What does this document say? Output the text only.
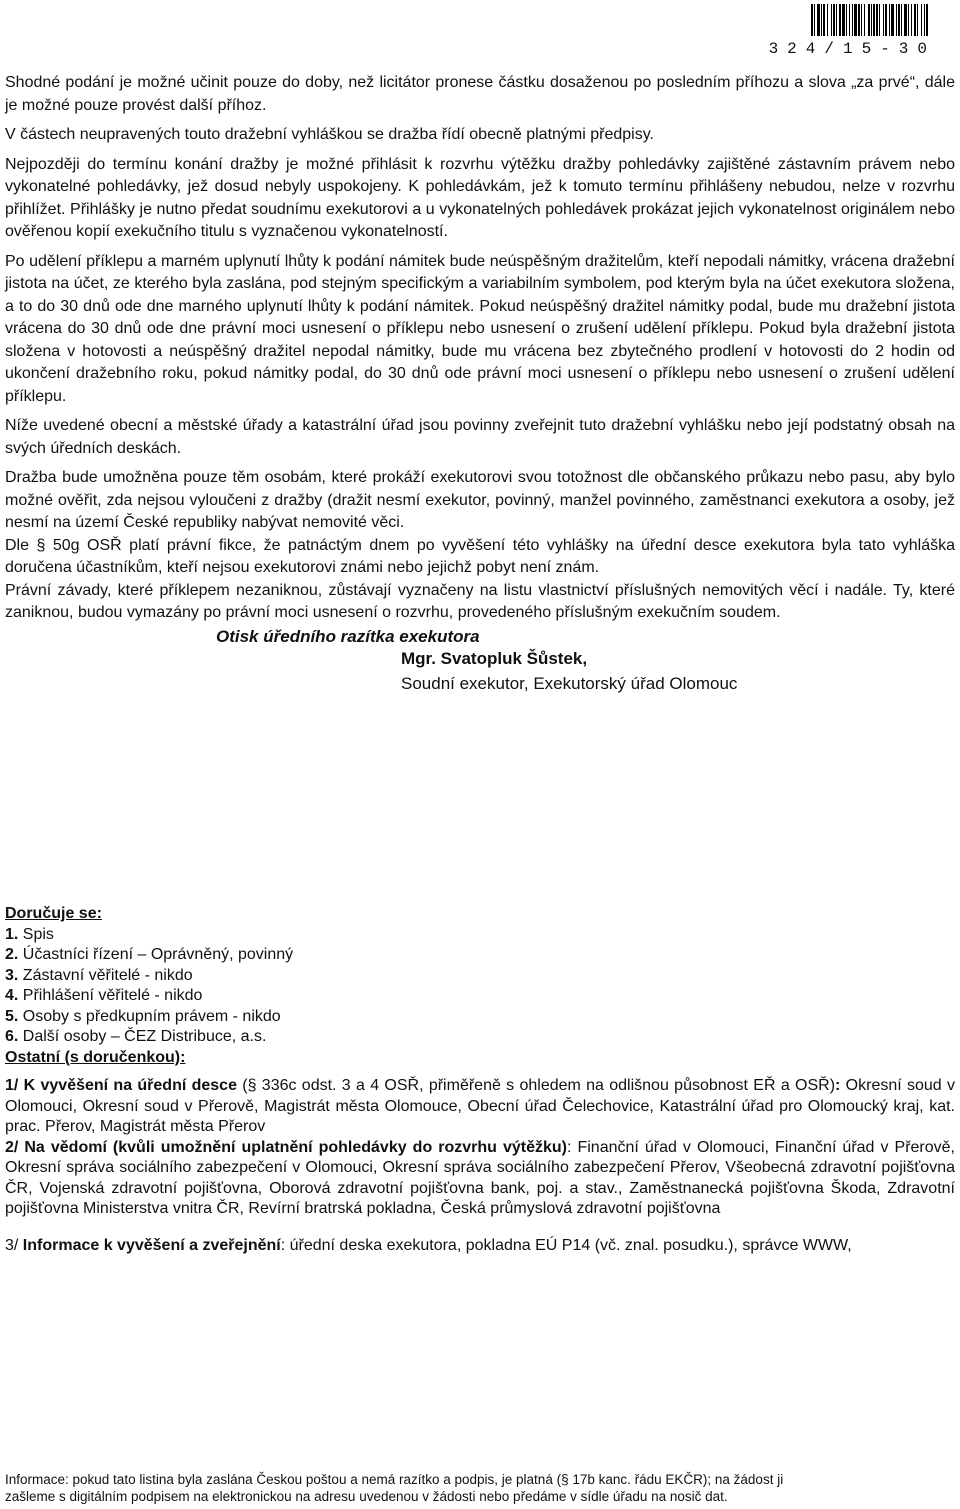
324/15-30

Shodné podání je možné učinit pouze do doby, než licitátor pronese částku dosaženou po posledním příhozu a slova „za prvé“, dále je možné pouze provést další příhoz.

V částech neupravených touto dražební vyhláškou se dražba řídí obecně platnými předpisy.

Nejpozději do termínu konání dražby je možné přihlásit k rozvrhu výtěžku dražby pohledávky zajištěné zástavním právem nebo vykonatelné pohledávky, jež dosud nebyly uspokojeny. K pohledávkám, jež k tomuto termínu přihlášeny nebudou, nelze v rozvrhu přihlížet. Přihlášky je nutno předat soudnímu exekutorovi a u vykonatelných pohledávek prokázat jejich vykonatelnost originálem nebo ověřenou kopií exekučního titulu s vyznačenou vykonatelností.

Po udělení příklepu a marném uplynutí lhůty k podání námitek bude neúspěšným dražitelům, kteří nepodali námitky, vrácena dražební jistota na účet, ze kterého byla zaslána, pod stejným specifickým a variabilním symbolem, pod kterým byla na účet exekutora složena, a to do 30 dnů ode dne marného uplynutí lhůty k podání námitek. Pokud neúspěšný dražitel námitky podal, bude mu dražební jistota vrácena do 30 dnů ode dne právní moci usnesení o příklepu nebo usnesení o zrušení udělení příklepu. Pokud byla dražební jistota složena v hotovosti a neúspěšný dražitel nepodal námitky, bude mu vrácena bez zbytečného prodlení v hotovosti do 2 hodin od ukončení dražebního roku, pokud námitky podal, do 30 dnů ode právní moci usnesení o příklepu nebo usnesení o zrušení udělení příklepu.

Níže uvedené obecní a městské úřady a katastrální úřad jsou povinny zveřejnit tuto dražební vyhlášku nebo její podstatný obsah na svých úředních deskách.

Dražba bude umožněna pouze těm osobám, které prokáží exekutorovi svou totožnost dle občanského průkazu nebo pasu, aby bylo možné ověřit, zda nejsou vyloučeni z dražby (dražit nesmí exekutor, povinný, manžel povinného, zaměstnanci exekutora a osoby, jež nesmí na území České republiky nabývat nemovité věci.

Dle § 50g OSŘ platí právní fikce, že patnáctým dnem po vyvěšení této vyhlášky na úřední desce exekutora byla tato vyhláška doručena účastníkům, kteří nejsou exekutorovi známi nebo jejichž pobyt není znám.

Právní závady, které příklepem nezaniknou, zůstávají vyznačeny na listu vlastnictví příslušných nemovitých věcí i nadále. Ty, které zaniknou, budou vymazány po právní moci usnesení o rozvrhu, provedeného příslušným exekučním soudem.

Otisk úředního razítka exekutora

Mgr. Svatopluk Šůstek,

Soudní exekutor, Exekutorský úřad Olomouc

Doručuje se:

1. Spis
2. Účastníci řízení – Oprávněný, povinný
3. Zástavní věřitelé - nikdo
4. Přihlášení věřitelé - nikdo
5. Osoby s předkupním právem - nikdo
6. Další osoby – ČEZ Distribuce, a.s.

Ostatní (s doručenkou):

1/ K vyvěšení na úřední desce (§ 336c odst. 3 a 4 OSŘ, přiměřeně s ohledem na odlišnou působnost EŘ a OSŘ): Okresní soud v Olomouci, Okresní soud v Přerově, Magistrát města Olomouce, Obecní úřad Čelechovice, Katastrální úřad pro Olomoucký kraj, kat. prac. Přerov, Magistrát města Přerov

2/ Na vědomí (kvůli umožnění uplatnění pohledávky do rozvrhu výtěžku): Finanční úřad v Olomouci, Finanční úřad v Přerově, Okresní správa sociálního zabezpečení v Olomouci, Okresní správa sociálního zabezpečení Přerov, Všeobecná zdravotní pojišťovna ČR, Vojenská zdravotní pojišťovna, Oborová zdravotní pojišťovna bank, poj. a stav., Zaměstnanecká pojišťovna Škoda, Zdravotní pojišťovna Ministerstva vnitra ČR, Revírní bratrská pokladna, Česká průmyslová zdravotní pojišťovna

3/ Informace k vyvěšení a zveřejnění: úřední deska exekutora, pokladna EÚ P14 (vč. znal. posudku.), správce WWW,

Informace: pokud tato listina byla zaslána Českou poštou a nemá razítko a podpis, je platná (§ 17b kanc. řádu EKČR); na žádost ji

zašleme s digitálním podpisem na elektronickou na adresu uvedenou v žádosti nebo předáme v sídle úřadu na nosič dat.
